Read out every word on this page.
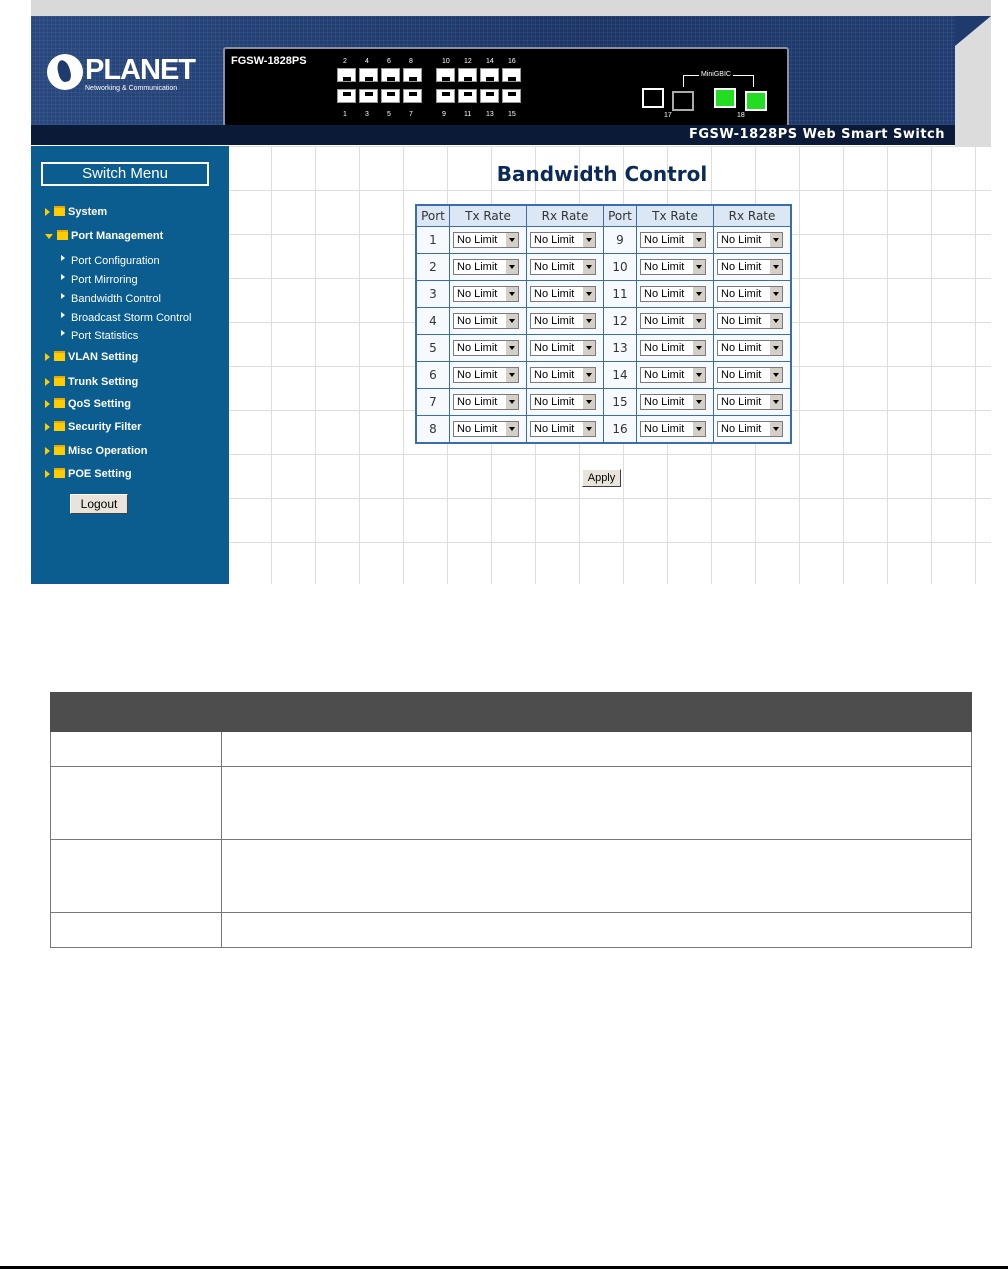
PLANET
Networking & Communication
FGSW-1828PS	2
1
4
3
6
5
8
7
10
9
12
11
14
13
16
15
MiniGBIC
17	18
FGSW-1828PS Web Smart Switch
Switch Menu
System
Port Management
Port Configuration
Port Mirroring
Bandwidth Control
Broadcast Storm Control
Port Statistics
VLAN Setting
Trunk Setting
QoS Setting
Security Filter
Misc Operation
POE Setting
Logout
Bandwidth Control
Port	Tx Rate	Rx Rate	Port	Tx Rate	Rx Rate
1	No Limit	No Limit	9	No Limit	No Limit

2	No Limit	No Limit	10	No Limit	No Limit

3	No Limit	No Limit	11	No Limit	No Limit

4	No Limit	No Limit	12	No Limit	No Limit

5	No Limit	No Limit	13	No Limit	No Limit

6	No Limit	No Limit	14	No Limit	No Limit

7	No Limit	No Limit	15	No Limit	No Limit

8	No Limit	No Limit	16	No Limit	No Limit
Apply
